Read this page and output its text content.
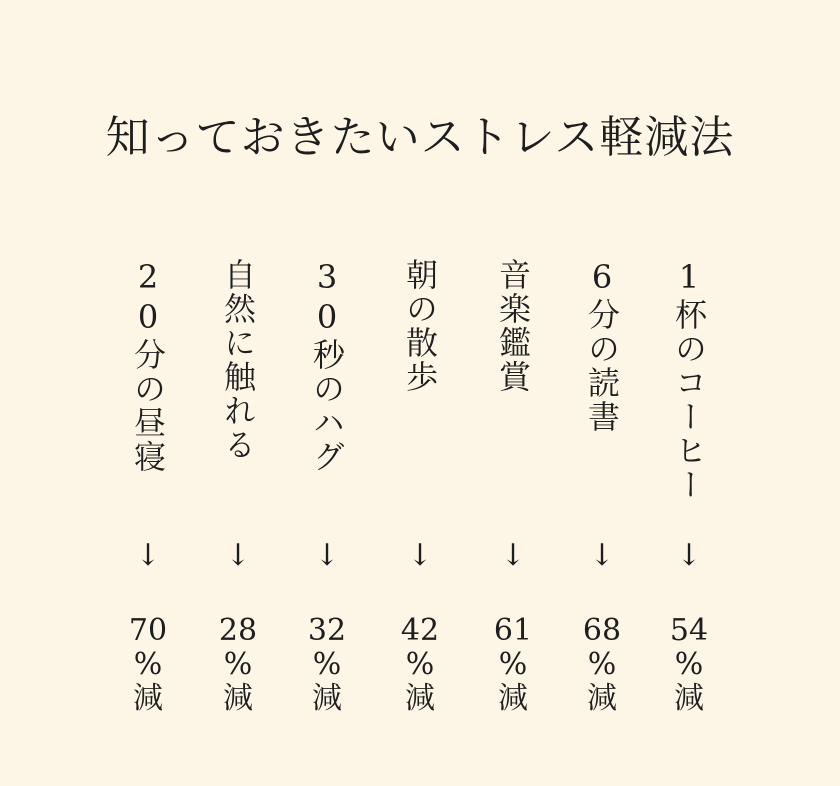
知っておきたいストレス軽減法
1杯のコーヒー
↓
54
%
減
6分の読書
↓
68
%
減
音楽鑑賞
↓
61
%
減
朝の散歩
↓
42
%
減
30秒のハグ
↓
32
%
減
自然に触れる
↓
28
%
減
20分の昼寝
↓
70
%
減
